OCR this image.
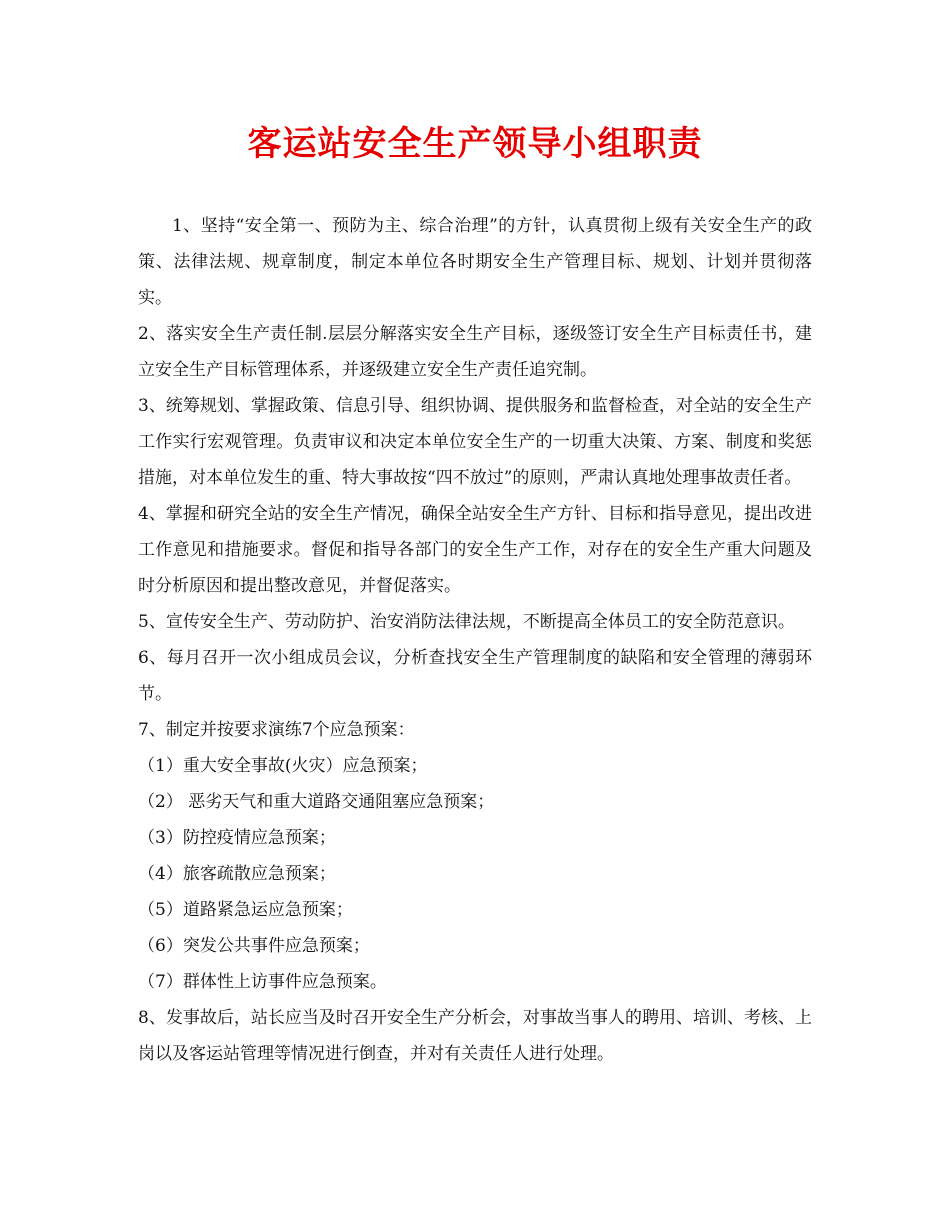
客运站安全生产领导小组职责

1、坚持“安全第一、预防为主、综合治理”的方针，认真贯彻上级有关安全生产的政策、法律法规、规章制度，制定本单位各时期安全生产管理目标、规划、计划并贯彻落实。

2、落实安全生产责任制.层层分解落实安全生产目标，逐级签订安全生产目标责任书，建立安全生产目标管理体系，并逐级建立安全生产责任追究制。

3、统筹规划、掌握政策、信息引导、组织协调、提供服务和监督检查，对全站的安全生产工作实行宏观管理。负责审议和决定本单位安全生产的一切重大决策、方案、制度和奖惩措施，对本单位发生的重、特大事故按“四不放过”的原则，严肃认真地处理事故责任者。

4、掌握和研究全站的安全生产情况，确保全站安全生产方针、目标和指导意见，提出改进工作意见和措施要求。督促和指导各部门的安全生产工作，对存在的安全生产重大问题及时分析原因和提出整改意见，并督促落实。

5、宣传安全生产、劳动防护、治安消防法律法规，不断提高全体员工的安全防范意识。

6、每月召开一次小组成员会议，分析查找安全生产管理制度的缺陷和安全管理的薄弱环节。

7、制定并按要求演练7个应急预案：

（1）重大安全事故(火灾）应急预案；

（2） 恶劣天气和重大道路交通阻塞应急预案；

（3）防控疫情应急预案；

（4）旅客疏散应急预案；

（5）道路紧急运应急预案；

（6）突发公共事件应急预案；

（7）群体性上访事件应急预案。

8、发事故后，站长应当及时召开安全生产分析会，对事故当事人的聘用、培训、考核、上岗以及客运站管理等情况进行倒查，并对有关责任人进行处理。
